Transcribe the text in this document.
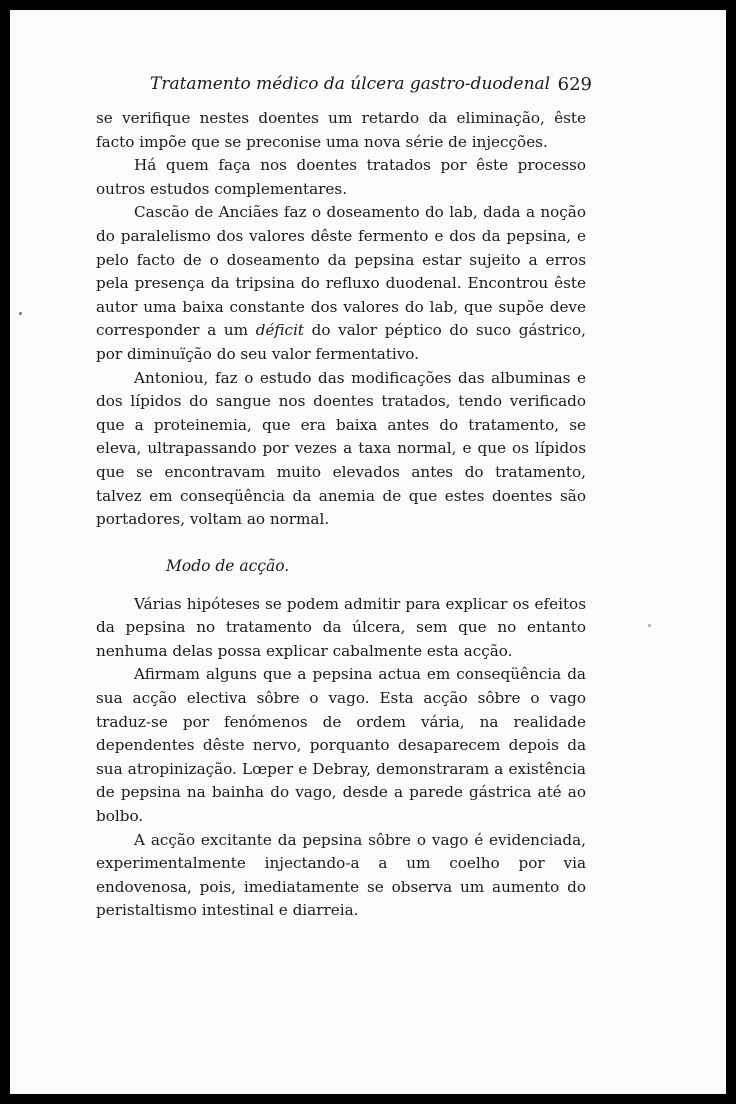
Tratamento médico da úlcera gastro-duodenal 629

se verifique nestes doentes um retardo da eliminação, êste facto impõe que se preconise uma nova série de injecções.

Há quem faça nos doentes tratados por êste processo outros estudos complementares.

Cascão de Anciães faz o doseamento do lab, dada a noção do paralelismo dos valores dêste fermento e dos da pepsina, e pelo facto de o doseamento da pepsina estar sujeito a erros pela presença da tripsina do refluxo duodenal. Encontrou êste autor uma baixa constante dos valores do lab, que supõe deve corresponder a um déficit do valor péptico do suco gástrico, por diminuïção do seu valor fermentativo.

Antoniou, faz o estudo das modificações das albuminas e dos lípidos do sangue nos doentes tratados, tendo verificado que a proteinemia, que era baixa antes do tratamento, se eleva, ultrapassando por vezes a taxa normal, e que os lípidos que se encontravam muito elevados antes do tratamento, talvez em conseqüência da anemia de que estes doentes são portadores, voltam ao normal.

Modo de acção.

Várias hipóteses se podem admitir para explicar os efeitos da pepsina no tratamento da úlcera, sem que no entanto nenhuma delas possa explicar cabalmente esta acção.

Afirmam alguns que a pepsina actua em conseqüência da sua acção electiva sôbre o vago. Esta acção sôbre o vago traduz-se por fenómenos de ordem vária, na realidade dependentes dêste nervo, porquanto desaparecem depois da sua atropinização. Lœper e Debray, demonstraram a existência de pepsina na bainha do vago, desde a parede gástrica até ao bolbo.

A acção excitante da pepsina sôbre o vago é evidenciada, experimentalmente injectando-a a um coelho por via endovenosa, pois, imediatamente se observa um aumento do peristaltismo intestinal e diarreia.
